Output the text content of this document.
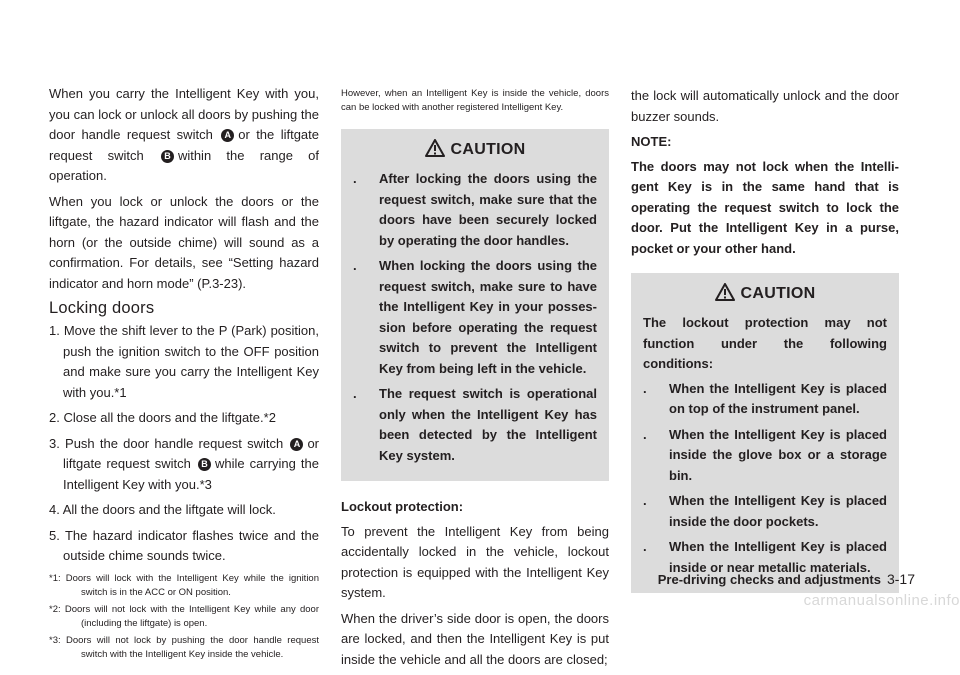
When you carry the Intelligent Key with you, you can lock or unlock all doors by pushing the door handle request switch A or the liftgate request switch B within the range of operation.

When you lock or unlock the doors or the liftgate, the hazard indicator will flash and the horn (or the outside chime) will sound as a confirmation. For details, see “Setting hazard indicator and horn mode” (P.3-23).

Locking doors

1. Move the shift lever to the P (Park) position, push the ignition switch to the OFF position and make sure you carry the Intelligent Key with you.*1

2. Close all the doors and the liftgate.*2

3. Push the door handle request switch A or liftgate request switch B while carrying the Intelligent Key with you.*3

4. All the doors and the liftgate will lock.

5. The hazard indicator flashes twice and the outside chime sounds twice.

*1: Doors will lock with the Intelligent Key while the ignition switch is in the ACC or ON position.

*2: Doors will not lock with the Intelligent Key while any door (including the liftgate) is open.

*3: Doors will not lock by pushing the door handle request switch with the Intelligent Key inside the vehicle.

However, when an Intelligent Key is inside the vehicle, doors can be locked with another registered Intelligent Key.

CAUTION

. After locking the doors using the request switch, make sure that the doors have been securely locked by operating the door handles.

. When locking the doors using the request switch, make sure to have the Intelligent Key in your posses- sion before operating the request switch to prevent the Intelligent Key from being left in the vehicle.

. The request switch is operational only when the Intelligent Key has been detected by the Intelligent Key system.

Lockout protection:

To prevent the Intelligent Key from being accidentally locked in the vehicle, lockout protection is equipped with the Intelligent Key system.

When the driver’s side door is open, the doors are locked, and then the Intelligent Key is put inside the vehicle and all the doors are closed;

the lock will automatically unlock and the door buzzer sounds.

NOTE:

The doors may not lock when the Intelli- gent Key is in the same hand that is operating the request switch to lock the door. Put the Intelligent Key in a purse, pocket or your other hand.

CAUTION

The lockout protection may not function under the following conditions:

. When the Intelligent Key is placed on top of the instrument panel.

. When the Intelligent Key is placed inside the glove box or a storage bin.

. When the Intelligent Key is placed inside the door pockets.

. When the Intelligent Key is placed inside or near metallic materials.

Pre-driving checks and adjustments 3-17
carmanualsonline.info
